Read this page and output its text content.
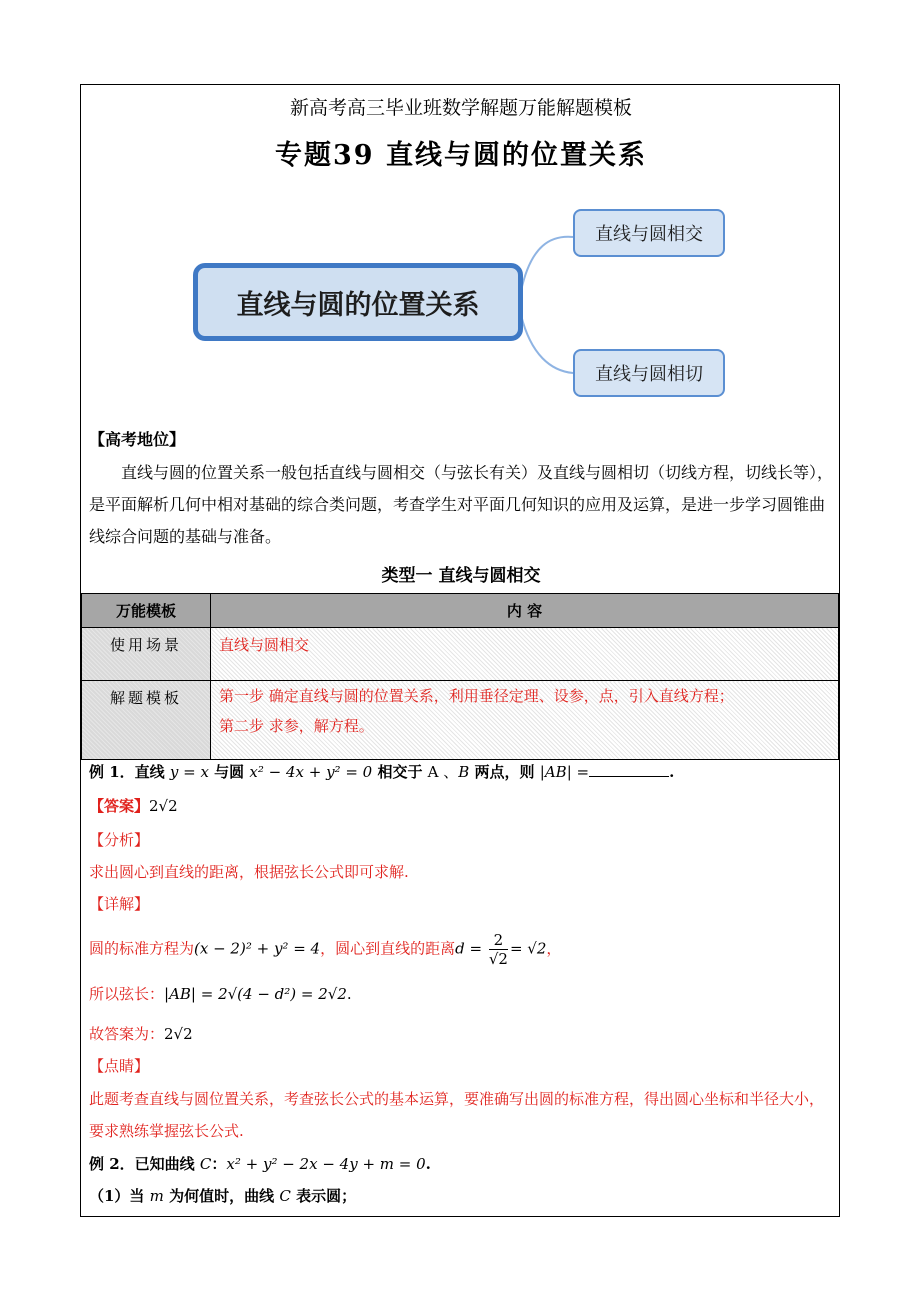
新高考高三毕业班数学解题万能解题模板
专题39 直线与圆的位置关系
直线与圆的位置关系
直线与圆相交
直线与圆相切
【高考地位】
直线与圆的位置关系一般包括直线与圆相交（与弦长有关）及直线与圆相切（切线方程，切线长等），是平面解析几何中相对基础的综合类问题，考查学生对平面几何知识的应用及运算，是进一步学习圆锥曲线综合问题的基础与准备。
类型一 直线与圆相交
万能模板	内 容
使用场景	直线与圆相交

解题模板	第一步 确定直线与圆的位置关系，利用垂径定理、设参，点，引入直线方程；
第二步 求参，解方程。
例 1．直线 y = x 与圆 x² − 4x + y² = 0 相交于 A 、B 两点，则 |AB| =	.
【答案】2√2
【分析】
求出圆心到直线的距离，根据弦长公式即可求解.
【详解】
圆的标准方程为(x − 2)² + y² = 4，圆心到直线的距离$d = \frac{2}{√2} = √2$，
所以弦长：|AB| = 2√(4 − d²) = 2√2.
故答案为：2√2
【点睛】
此题考查直线与圆位置关系，考查弦长公式的基本运算，要准确写出圆的标准方程，得出圆心坐标和半径大小，要求熟练掌握弦长公式.
例 2．已知曲线 C：x² + y² − 2x − 4y + m = 0.
（1）当 m 为何值时，曲线 C 表示圆；
